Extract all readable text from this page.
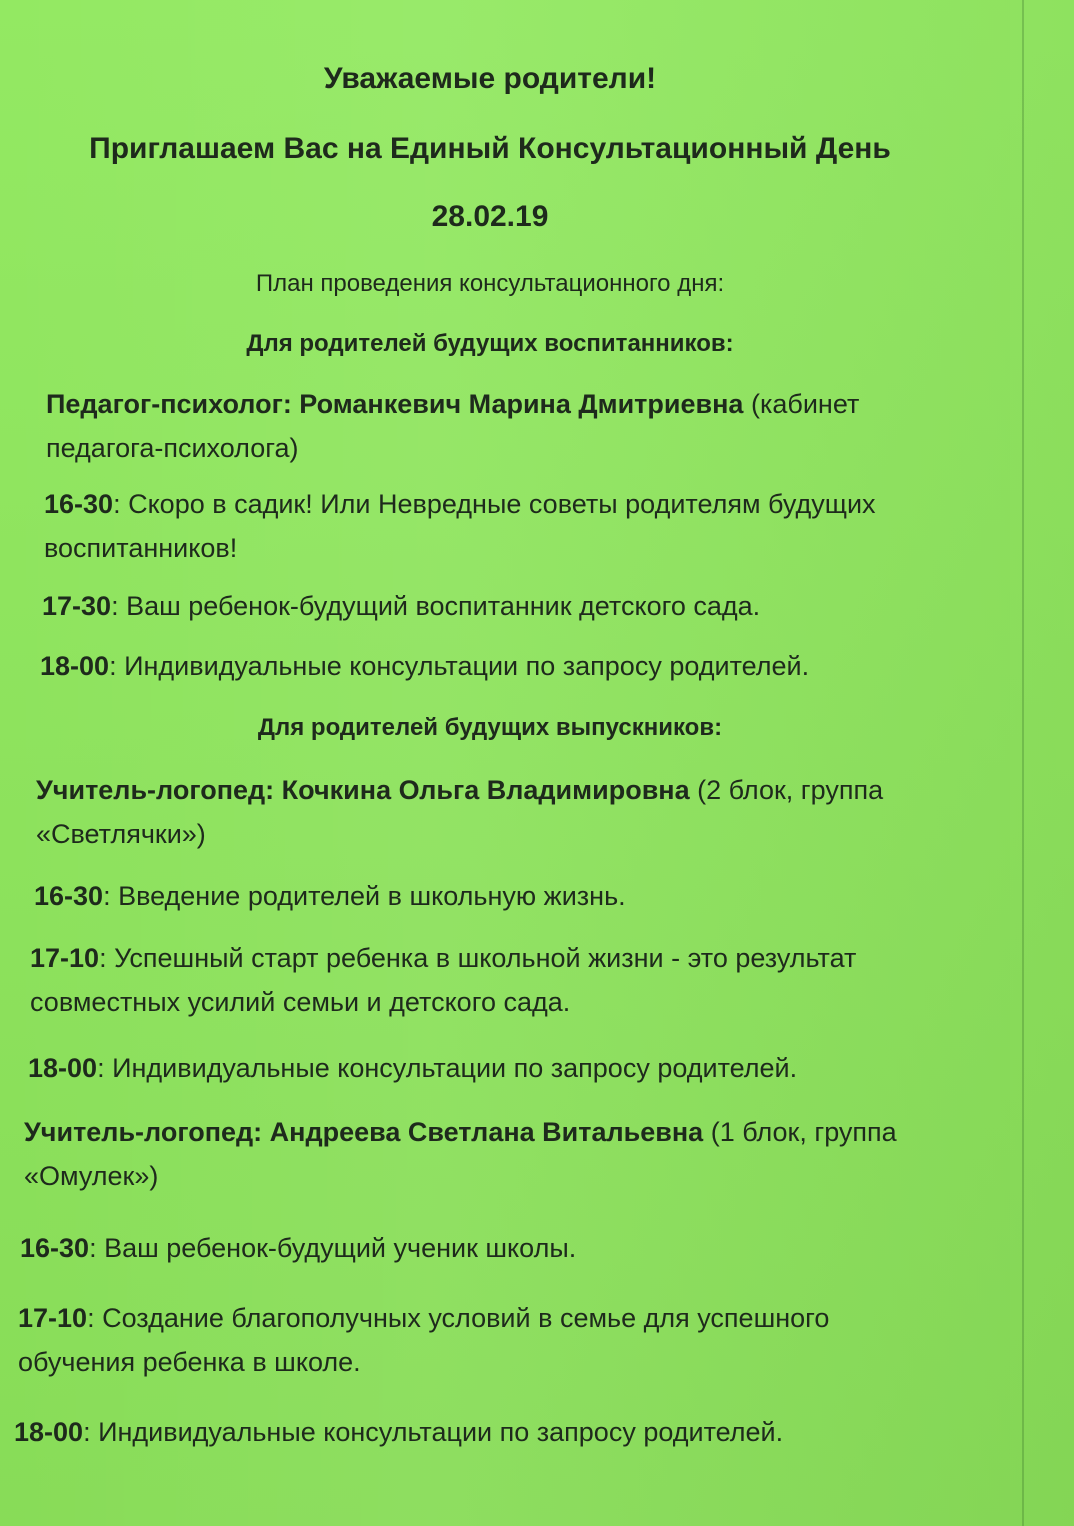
Уважаемые родители!
Приглашаем Вас на Единый Консультационный День
28.02.19
План проведения консультационного дня:
Для родителей будущих воспитанников:
Педагог-психолог: Романкевич Марина Дмитриевна (кабинет педагога-психолога)
16-30: Скоро в садик! Или Невредные советы родителям будущих воспитанников!
17-30: Ваш ребенок-будущий воспитанник детского сада.
18-00: Индивидуальные консультации по запросу родителей.
Для родителей будущих выпускников:
Учитель-логопед: Кочкина Ольга Владимировна (2 блок, группа «Светлячки»)
16-30: Введение родителей в школьную жизнь.
17-10: Успешный старт ребенка в школьной жизни - это результат совместных усилий семьи и детского сада.
18-00: Индивидуальные консультации по запросу родителей.
Учитель-логопед: Андреева Светлана Витальевна (1 блок, группа «Омулек»)
16-30: Ваш ребенок-будущий ученик школы.
17-10: Создание благополучных условий в семье для успешного обучения ребенка в школе.
18-00: Индивидуальные консультации по запросу родителей.
